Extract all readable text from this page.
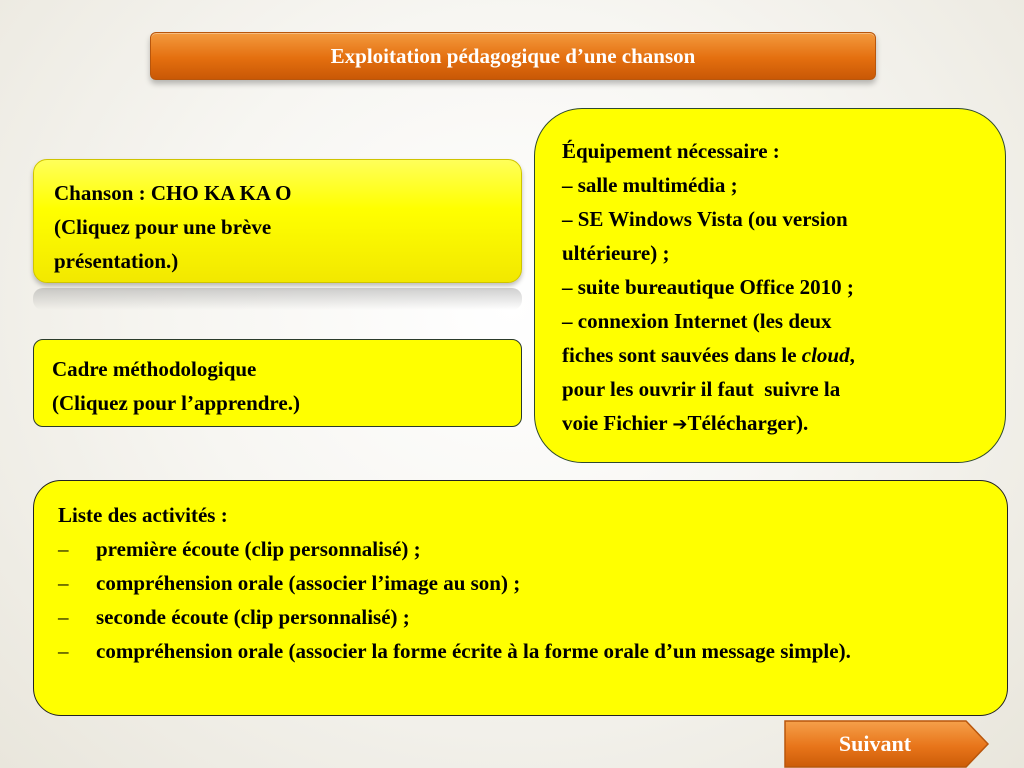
Exploitation pédagogique d’une chanson
Chanson : CHO KA KA O
(Cliquez pour une brève
présentation.)
Cadre méthodologique
(Cliquez pour l’apprendre.)
Équipement nécessaire :
– salle multimédia ;
– SE Windows Vista (ou version
ultérieure) ;
– suite bureautique Office 2010 ;
– connexion Internet (les deux
fiches sont sauvées dans le cloud,
pour les ouvrir il faut  suivre la
voie Fichier ➔Télécharger).
Liste des activités :
–	première écoute (clip personnalisé) ;
–	compréhension orale (associer l’image au son) ;
–	seconde écoute (clip personnalisé) ;
–	compréhension orale (associer la forme écrite à la forme orale d’un message simple).
Suivant
